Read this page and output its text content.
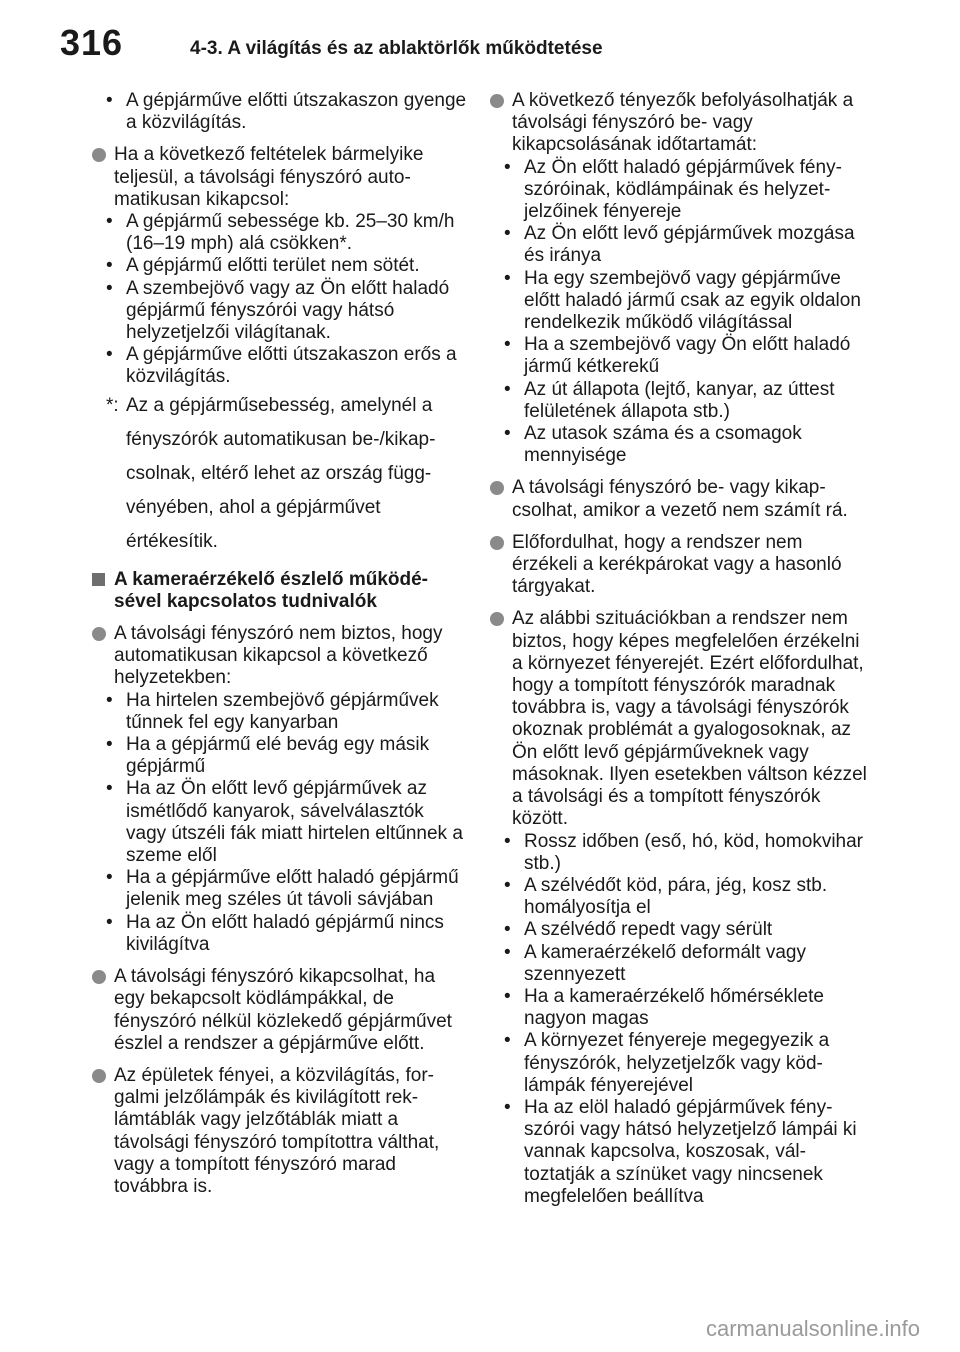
316	4-3. A világítás és az ablaktörlők működtetése
• A gépjárműve előtti útszakaszon gyenge a közvilágítás.
Ha a következő feltételek bármelyike teljesül, a távolsági fényszóró automatikusan kikapcsol:
• A gépjármű sebessége kb. 25–30 km/h (16–19 mph) alá csökken*.
• A gépjármű előtti terület nem sötét.
• A szembejövő vagy az Ön előtt haladó gépjármű fényszórói vagy hátsó helyzetjelzői világítanak.
• A gépjárműve előtti útszakaszon erős a közvilágítás.
*: Az a gépjárműsebesség, amelynél a fényszórók automatikusan be-/kikapcsolnak, eltérő lehet az ország függvényében, ahol a gépjárművet értékesítik.
A kameraérzékelő észlelő működésével kapcsolatos tudnivalók
A távolsági fényszóró nem biztos, hogy automatikusan kikapcsol a következő helyzetekben:
• Ha hirtelen szembejövő gépjárművek tűnnek fel egy kanyarban
• Ha a gépjármű elé bevág egy másik gépjármű
• Ha az Ön előtt levő gépjárművek az ismétlődő kanyarok, sávelválasztók vagy útszéli fák miatt hirtelen eltűnnek a szeme elől
• Ha a gépjárműve előtt haladó gépjármű jelenik meg széles út távoli sávjában
• Ha az Ön előtt haladó gépjármű nincs kivilágítva
A távolsági fényszóró kikapcsolhat, ha egy bekapcsolt ködlámpákkal, de fényszóró nélkül közlekedő gépjárművet észlel a rendszer a gépjárműve előtt.
Az épületek fényei, a közvilágítás, forgalmi jelzőlámpák és kivilágított reklámtáblák vagy jelzőtáblák miatt a távolsági fényszóró tompítottra válthat, vagy a tompított fényszóró marad továbbra is.
A következő tényezők befolyásolhatják a távolsági fényszóró be- vagy kikapcsolásának időtartamát:
• Az Ön előtt haladó gépjárművek fényszóróinak, ködlámpáinak és helyzetjelzőinek fényereje
• Az Ön előtt levő gépjárművek mozgása és iránya
• Ha egy szembejövő vagy gépjárműve előtt haladó jármű csak az egyik oldalon rendelkezik működő világítással
• Ha a szembejövő vagy Ön előtt haladó jármű kétkerekű
• Az út állapota (lejtő, kanyar, az úttest felületének állapota stb.)
• Az utasok száma és a csomagok mennyisége
A távolsági fényszóró be- vagy kikapcsolhat, amikor a vezető nem számít rá.
Előfordulhat, hogy a rendszer nem érzékeli a kerékpárokat vagy a hasonló tárgyakat.
Az alábbi szituációkban a rendszer nem biztos, hogy képes megfelelően érzékelni a környezet fényerejét. Ezért előfordulhat, hogy a tompított fényszórók maradnak továbbra is, vagy a távolsági fényszórók okoznak problémát a gyalogosoknak, az Ön előtt levő gépjárműveknek vagy másoknak. Ilyen esetekben váltson kézzel a távolsági és a tompított fényszórók között.
• Rossz időben (eső, hó, köd, homokvihar stb.)
• A szélvédőt köd, pára, jég, kosz stb. homályosítja el
• A szélvédő repedt vagy sérült
• A kameraérzékelő deformált vagy szennyezett
• Ha a kameraérzékelő hőmérséklete nagyon magas
• A környezet fényereje megegyezik a fényszórók, helyzetjelzők vagy ködlámpák fényerejével
• Ha az elöl haladó gépjárművek fényszórói vagy hátsó helyzetjelző lámpái ki vannak kapcsolva, koszosak, változtatják a színüket vagy nincsenek megfelelően beállítva
carmanualsonline.info
